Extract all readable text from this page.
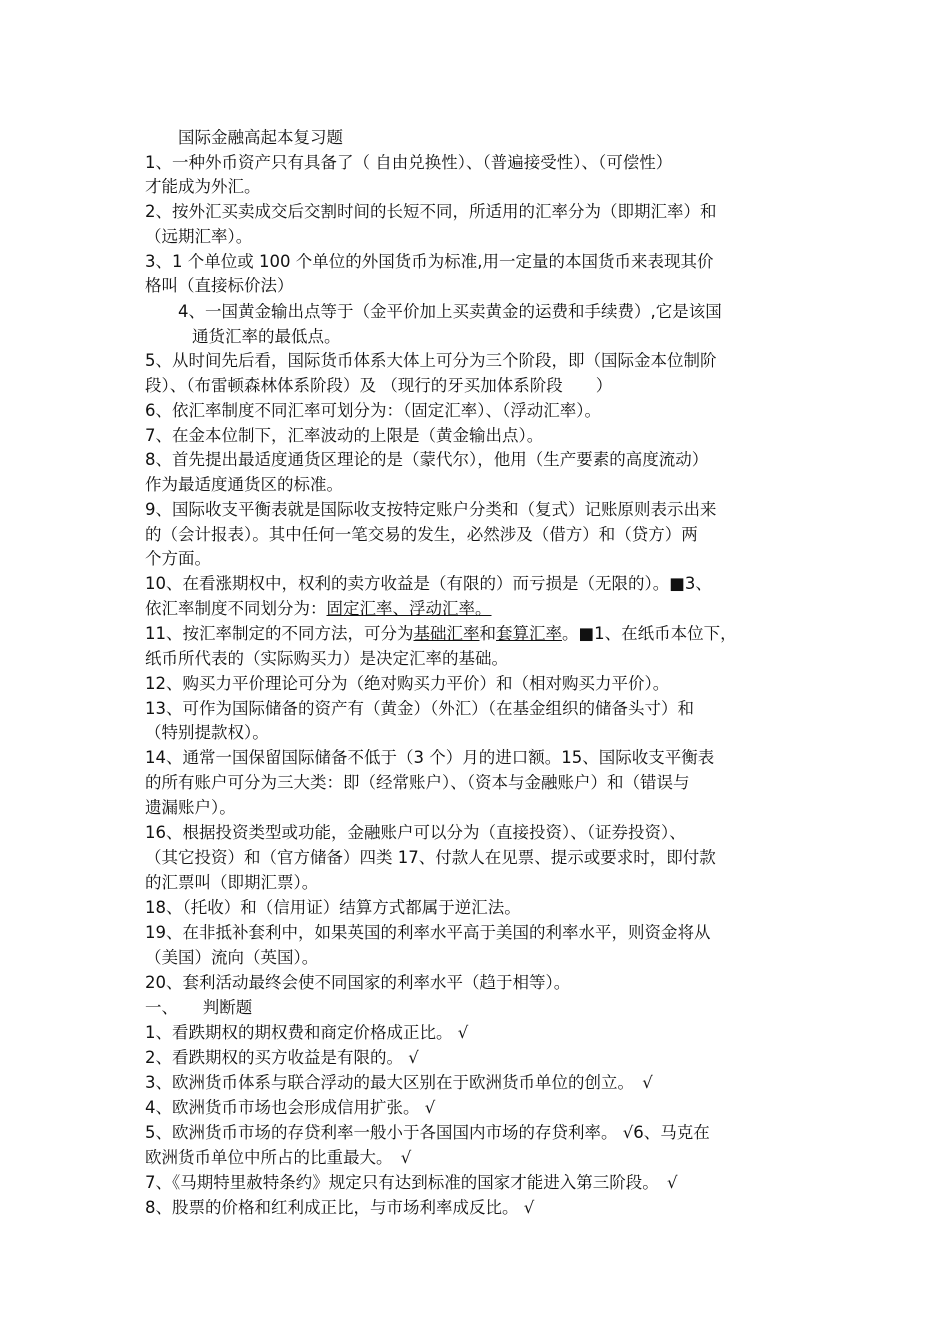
国际金融高起本复习题
1、一种外币资产只有具备了（ 自由兑换性）、（普遍接受性）、（可偿性）
才能成为外汇。
2、按外汇买卖成交后交割时间的长短不同，所适用的汇率分为（即期汇率）和
（远期汇率）。
3、1 个单位或 100 个单位的外国货币为标准,用一定量的本国货币来表现其价
格叫（直接标价法）
4、一国黄金输出点等于（金平价加上买卖黄金的运费和手续费）,它是该国
通货汇率的最低点。
5、从时间先后看，国际货币体系大体上可分为三个阶段，即（国际金本位制阶
段）、（布雷顿森林体系阶段）及 （现行的牙买加体系阶段　　）
6、依汇率制度不同汇率可划分为：（固定汇率）、（浮动汇率）。
7、在金本位制下，汇率波动的上限是（黄金输出点）。
8、首先提出最适度通货区理论的是（蒙代尔），他用（生产要素的高度流动）
作为最适度通货区的标准。
9、国际收支平衡表就是国际收支按特定账户分类和（复式）记账原则表示出来
的（会计报表）。其中任何一笔交易的发生，必然涉及（借方）和（贷方）两
个方面。
10、在看涨期权中，权利的卖方收益是（有限的）而亏损是（无限的）。■3、
依汇率制度不同划分为：固定汇率、浮动汇率。
11、按汇率制定的不同方法，可分为基础汇率和套算汇率。■1、在纸币本位下，
纸币所代表的（实际购买力）是决定汇率的基础。
12、购买力平价理论可分为（绝对购买力平价）和（相对购买力平价）。
13、可作为国际储备的资产有（黄金）（外汇）（在基金组织的储备头寸）和
（特别提款权）。
14、通常一国保留国际储备不低于（3 个）月的进口额。15、国际收支平衡表
的所有账户可分为三大类：即（经常账户）、（资本与金融账户）和（错误与
遗漏账户）。
16、根据投资类型或功能，金融账户可以分为（直接投资）、（证券投资）、
（其它投资）和（官方储备）四类 17、付款人在见票、提示或要求时，即付款
的汇票叫（即期汇票）。
18、（托收）和（信用证）结算方式都属于逆汇法。
19、在非抵补套利中，如果英国的利率水平高于美国的利率水平，则资金将从
（美国）流向（英国）。
20、套利活动最终会使不同国家的利率水平（趋于相等）。
一、　　判断题
1、看跌期权的期权费和商定价格成正比。 √
2、看跌期权的买方收益是有限的。 √
3、欧洲货币体系与联合浮动的最大区别在于欧洲货币单位的创立。　√
4、欧洲货币市场也会形成信用扩张。 √
5、欧洲货币市场的存贷利率一般小于各国国内市场的存贷利率。 √6、马克在
欧洲货币单位中所占的比重最大。　√
7、《马期特里赦特条约》规定只有达到标准的国家才能进入第三阶段。　√
8、股票的价格和红利成正比，与市场利率成反比。 √
